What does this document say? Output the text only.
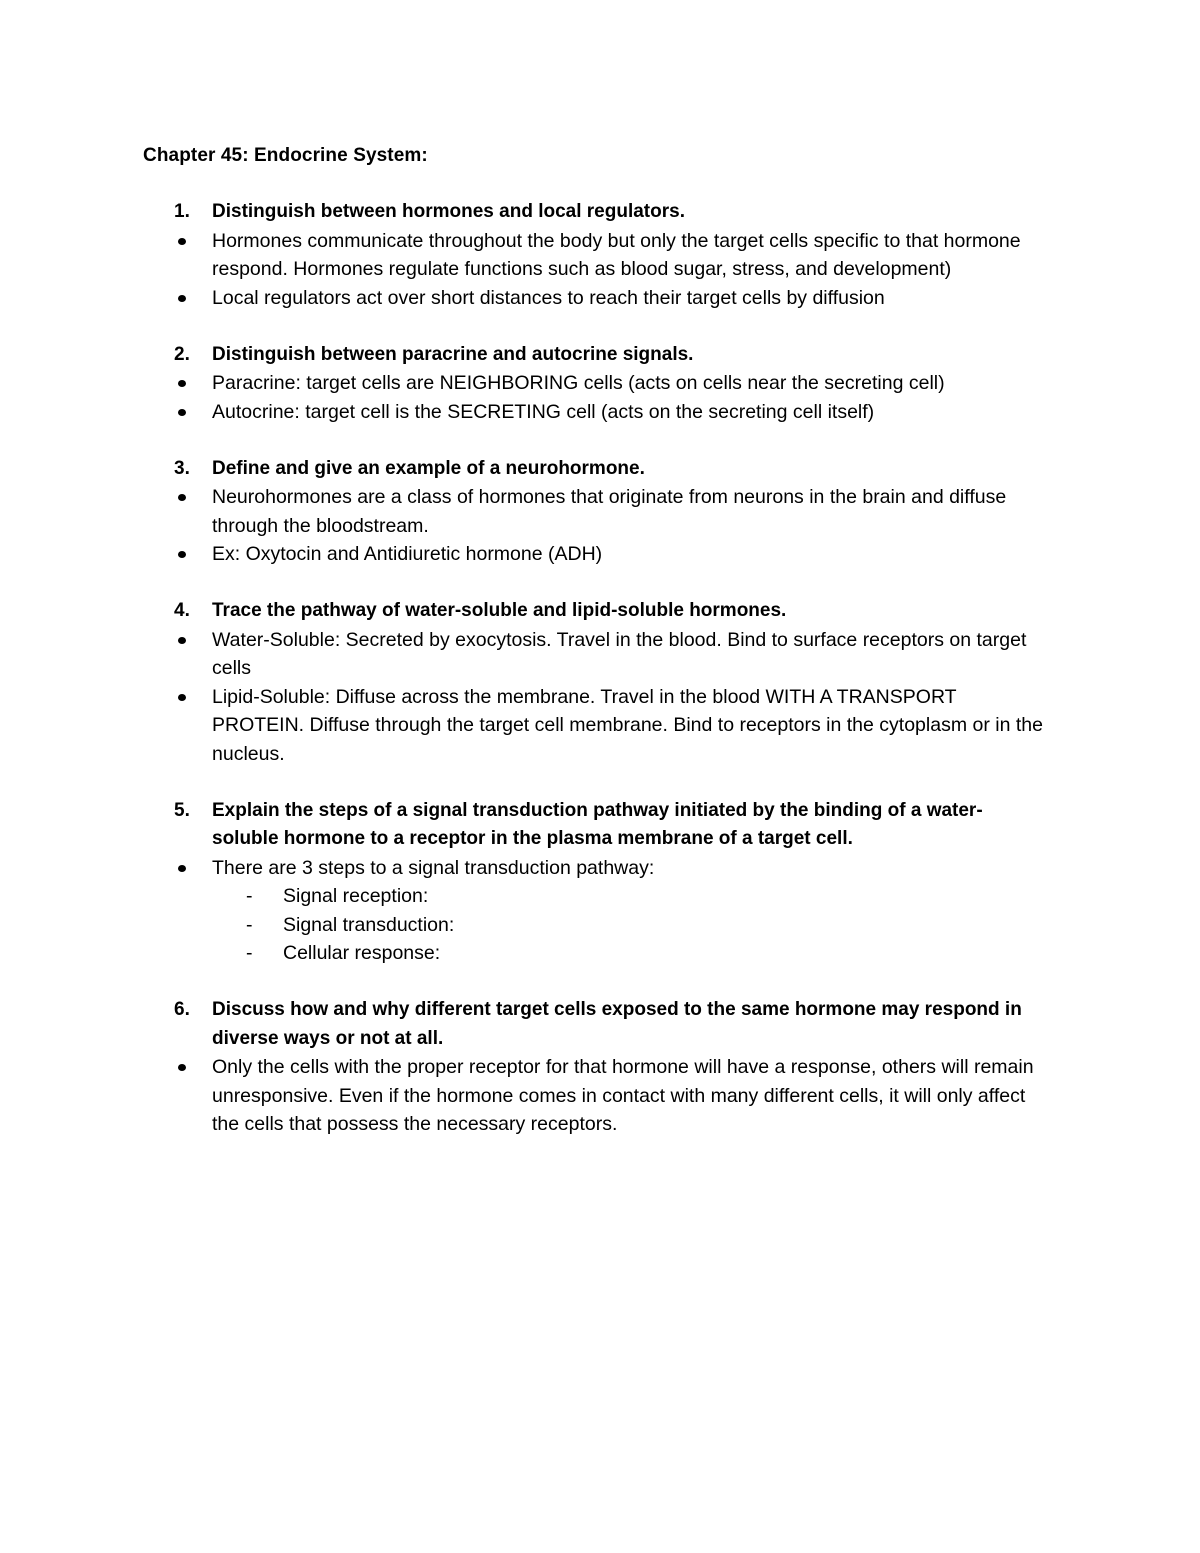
Chapter 45: Endocrine System:
1. Distinguish between hormones and local regulators.
Hormones communicate throughout the body but only the target cells specific to that hormone respond. Hormones regulate functions such as blood sugar, stress, and development)
Local regulators act over short distances to reach their target cells by diffusion
2. Distinguish between paracrine and autocrine signals.
Paracrine: target cells are NEIGHBORING cells (acts on cells near the secreting cell)
Autocrine: target cell is the SECRETING cell (acts on the secreting cell itself)
3. Define and give an example of a neurohormone.
Neurohormones are a class of hormones that originate from neurons in the brain and diffuse through the bloodstream.
Ex: Oxytocin and Antidiuretic hormone (ADH)
4. Trace the pathway of water-soluble and lipid-soluble hormones.
Water-Soluble: Secreted by exocytosis. Travel in the blood. Bind to surface receptors on target cells
Lipid-Soluble: Diffuse across the membrane. Travel in the blood WITH A TRANSPORT PROTEIN. Diffuse through the target cell membrane. Bind to receptors in the cytoplasm or in the nucleus.
5. Explain the steps of a signal transduction pathway initiated by the binding of a water-soluble hormone to a receptor in the plasma membrane of a target cell.
There are 3 steps to a signal transduction pathway:
- Signal reception:
- Signal transduction:
- Cellular response:
6. Discuss how and why different target cells exposed to the same hormone may respond in diverse ways or not at all.
Only the cells with the proper receptor for that hormone will have a response, others will remain unresponsive. Even if the hormone comes in contact with many different cells, it will only affect the cells that possess the necessary receptors.
